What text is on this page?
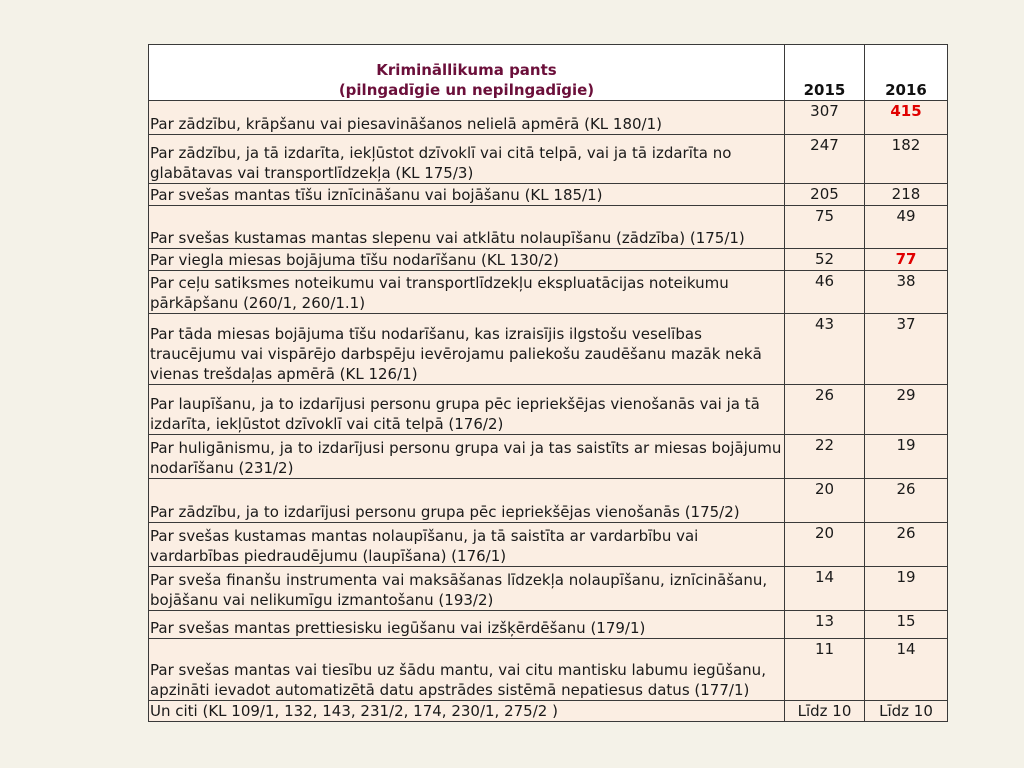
Krimināllikuma pants
(pilngadīgie un nepilngadīgie)	2015	2016
Par zādzību, krāpšanu vai piesavināšanos nelielā apmērā (KL 180/1)	307	415
Par zādzību, ja tā izdarīta, iekļūstot dzīvoklī vai citā telpā, vai ja tā izdarīta no glabātavas vai transportlīdzekļa (KL 175/3)	247	182
Par svešas mantas tīšu iznīcināšanu vai bojāšanu (KL 185/1)	205	218
Par svešas kustamas mantas slepenu vai atklātu nolaupīšanu (zādzība) (175/1)	75	49
Par viegla miesas bojājuma tīšu nodarīšanu (KL 130/2)	52	77
Par ceļu satiksmes noteikumu vai transportlīdzekļu ekspluatācijas noteikumu pārkāpšanu (260/1, 260/1.1)	46	38
Par tāda miesas bojājuma tīšu nodarīšanu, kas izraisījis ilgstošu veselības traucējumu vai vispārējo darbspēju ievērojamu paliekošu zaudēšanu mazāk nekā vienas trešdaļas apmērā (KL 126/1)	43	37
Par laupīšanu, ja to izdarījusi personu grupa pēc iepriekšējas vienošanās vai ja tā izdarīta, iekļūstot dzīvoklī vai citā telpā (176/2)	26	29
Par huligānismu, ja to izdarījusi personu grupa vai ja tas saistīts ar miesas bojājumu nodarīšanu (231/2)	22	19
Par zādzību, ja to izdarījusi personu grupa pēc iepriekšējas vienošanās (175/2)	20	26
Par svešas kustamas mantas nolaupīšanu, ja tā saistīta ar vardarbību vai vardarbības piedraudējumu (laupīšana) (176/1)	20	26
Par sveša finanšu instrumenta vai maksāšanas līdzekļa nolaupīšanu, iznīcināšanu, bojāšanu vai nelikumīgu izmantošanu (193/2)	14	19
Par svešas mantas prettiesisku iegūšanu vai izšķērdēšanu (179/1)	13	15
Par svešas mantas vai tiesību uz šādu mantu, vai citu mantisku labumu iegūšanu, apzināti ievadot automatizētā datu apstrādes sistēmā nepatiesus datus (177/1)	11	14
Un citi (KL 109/1, 132, 143, 231/2, 174, 230/1, 275/2 )	Līdz 10	Līdz 10
